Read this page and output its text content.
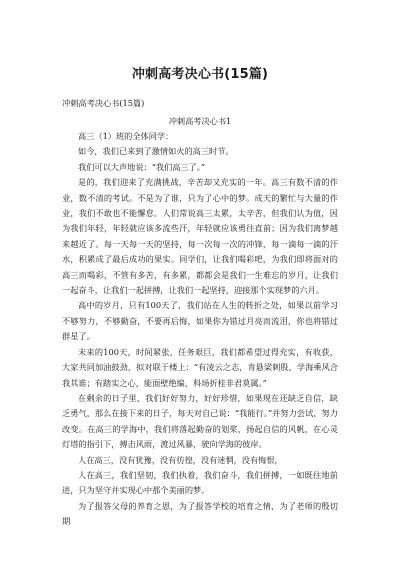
冲刺高考决心书(15篇)
冲刺高考决心书(15篇)
冲刺高考决心书1

高三（1）班的全体同学：

如今，我们已来到了激情如火的高三时节。

我们可以大声地说：“我们高三了。”

是的，我们迎来了充满挑战，辛苦却又充实的一年。高三有数不清的作业，数不清的考试。不是为了谁，只为了心中的梦。成天的繁忙与大量的作业，我们不敢也不能懈怠。人们常说高三太累，太辛苦，但我们认为值，因为我们年轻，年轻就应该多流些汗，年轻就应该勇往直前；因为我们离梦越来越近了。每一天每一天的坚持，每一次每一次的冲锋，每一滴每一滴的汗水，积累成了最后成功的果实。同学们，让我们喝彩吧，为我们即将面对的高三而喝彩，不管有多苦，有多累，都都会是我们一生难忘的岁月，让我们一起奋斗，让我们一起拼搏，让我们一起坚持，迎接那个实现梦的六月。

高中的岁月，只有100天了，我们站在人生的转折之处，如果以前学习不够努力，不够勤奋，不要再后悔，如果你为错过月亮而流泪，你也将错过群星了。

未来的100天，时间紧张，任务艰巨，我们都希望过得充实，有收获，大家共同加油鼓劲，拟对联于楼上：“有凌云之志，肯悬梁刺股，学海乘风合我其谁；有踏实之心，能面壁绝编，科场折桂非君莫属。”

在剩余的日子里，我们好好努力，好好珍惜，如果现在还缺乏自信，缺乏勇气，那么在接下来的日子，每天对自己说：“我能行。”并努力尝试，努力改变。在高三的学海中，我们将落起勤奋的划桨，扬起自信的风帆，在心灵灯塔的指引下，搏击风雨，渡过风暴，驶向学海的彼岸。

人在高三，没有犹豫，没有彷徨，没有迷惘，没有悔恨，

人在高三，我们坚韧，我们执着，我们奋斗，我们拼搏，一如既往地前进，只为坚守并实现心中那个美丽的梦。

为了报答父母的养育之恩，为了报答学校的培育之情，为了老师的殷切期
